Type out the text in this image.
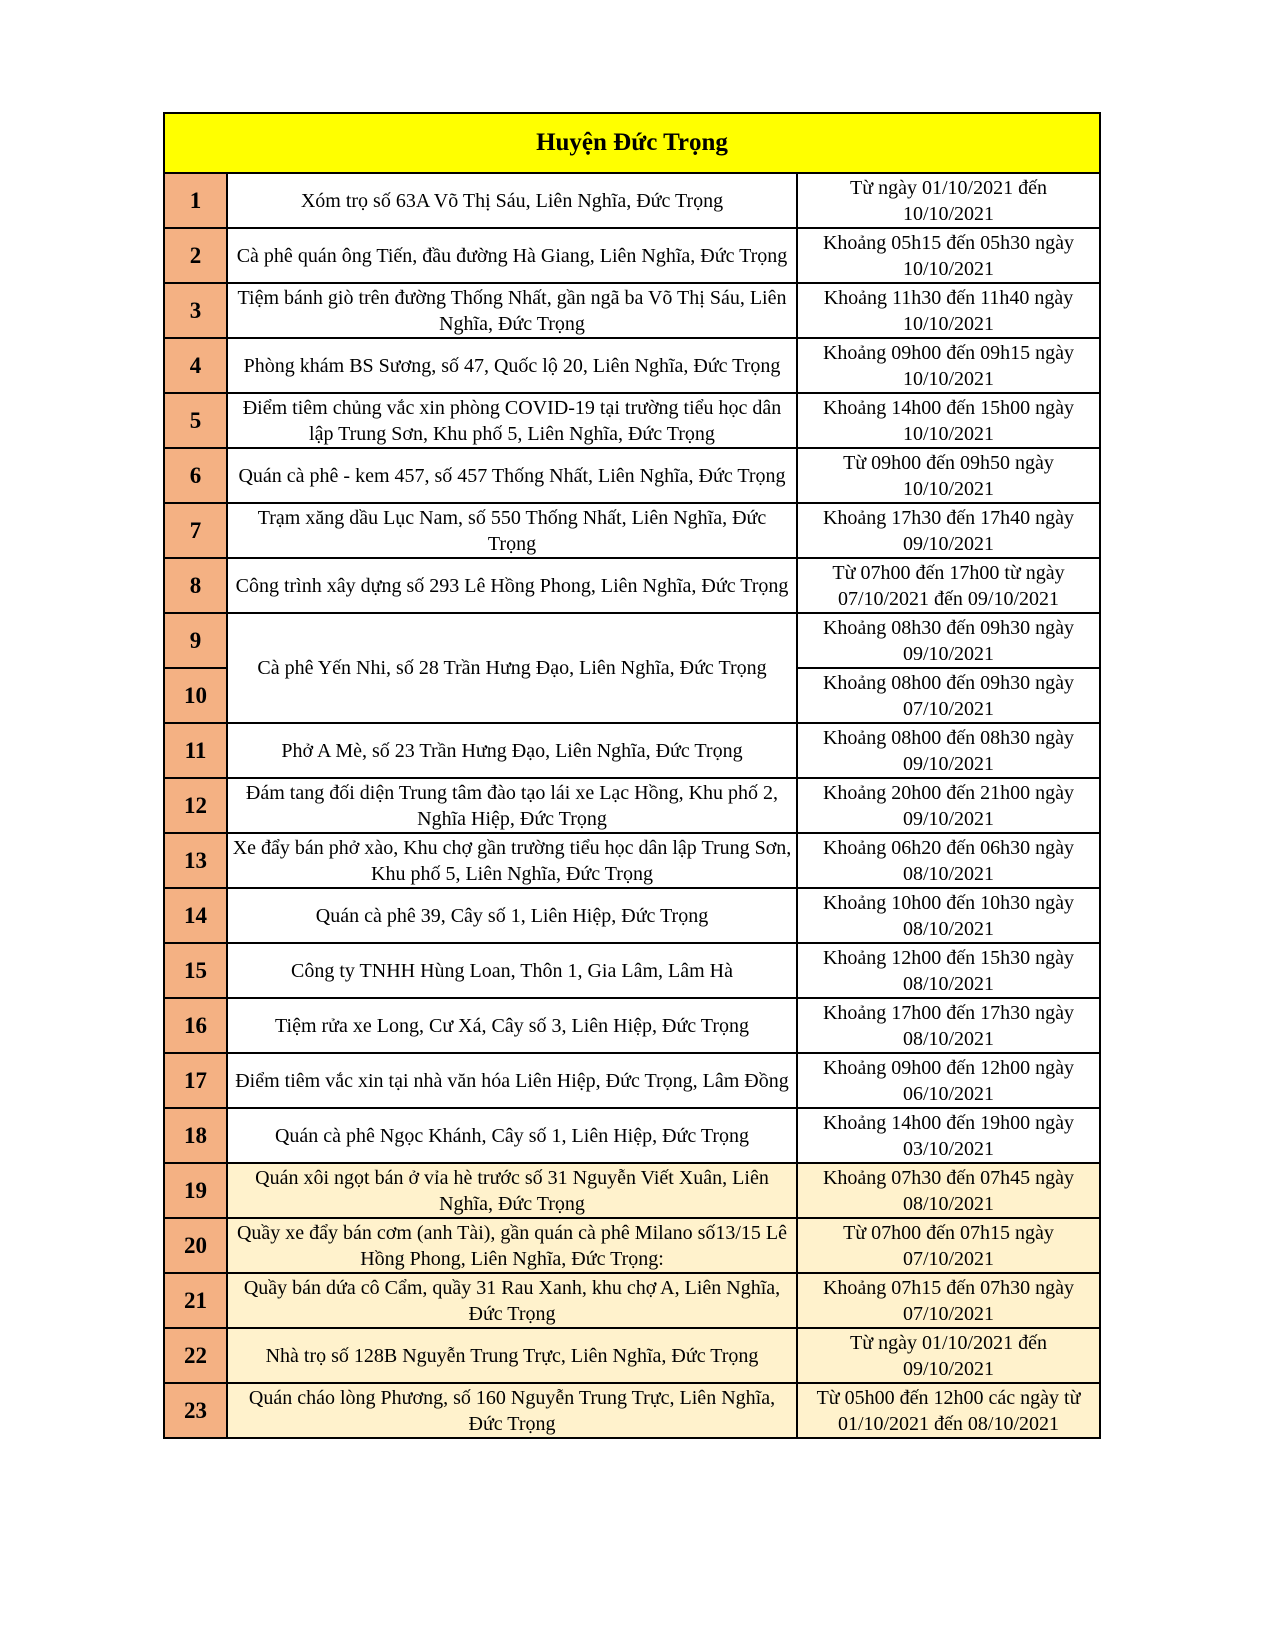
Huyện Đức Trọng		
1	Xóm trọ số 63A Võ Thị Sáu, Liên Nghĩa, Đức Trọng	Từ ngày 01/10/2021 đến 10/10/2021
2	Cà phê quán ông Tiến, đầu đường Hà Giang, Liên Nghĩa, Đức Trọng	Khoảng 05h15 đến 05h30 ngày 10/10/2021
3	Tiệm bánh giò trên đường Thống Nhất, gần ngã ba Võ Thị Sáu, Liên Nghĩa, Đức Trọng	Khoảng 11h30 đến 11h40 ngày 10/10/2021
4	Phòng khám BS Sương, số 47, Quốc lộ 20, Liên Nghĩa, Đức Trọng	Khoảng 09h00 đến 09h15 ngày 10/10/2021
5	Điểm tiêm chủng vắc xin phòng COVID-19 tại trường tiểu học dân lập Trung Sơn, Khu phố 5, Liên Nghĩa, Đức Trọng	Khoảng 14h00 đến 15h00 ngày 10/10/2021
6	Quán cà phê - kem 457, số 457 Thống Nhất, Liên Nghĩa, Đức Trọng	Từ 09h00 đến 09h50 ngày 10/10/2021
7	Trạm xăng dầu Lục Nam, số 550 Thống Nhất, Liên Nghĩa, Đức Trọng	Khoảng 17h30 đến 17h40 ngày 09/10/2021
8	Công trình xây dựng số 293 Lê Hồng Phong, Liên Nghĩa, Đức Trọng	Từ 07h00 đến 17h00 từ ngày 07/10/2021 đến 09/10/2021
9	Cà phê Yến Nhi, số 28 Trần Hưng Đạo, Liên Nghĩa, Đức Trọng	Khoảng 08h30 đến 09h30 ngày 09/10/2021
10		Khoảng 08h00 đến 09h30 ngày 07/10/2021
11	Phở A Mè, số 23 Trần Hưng Đạo, Liên Nghĩa, Đức Trọng	Khoảng 08h00 đến 08h30 ngày 09/10/2021
12	Đám tang đối diện Trung tâm đào tạo lái xe Lạc Hồng, Khu phố 2, Nghĩa Hiệp, Đức Trọng	Khoảng 20h00 đến 21h00 ngày 09/10/2021
13	Xe đẩy bán phở xào, Khu chợ gần trường tiểu học dân lập Trung Sơn, Khu phố 5, Liên Nghĩa, Đức Trọng	Khoảng 06h20 đến 06h30 ngày 08/10/2021
14	Quán cà phê 39, Cây số 1, Liên Hiệp, Đức Trọng	Khoảng 10h00 đến 10h30 ngày 08/10/2021
15	Công ty TNHH Hùng Loan, Thôn 1, Gia Lâm, Lâm Hà	Khoảng 12h00 đến 15h30 ngày 08/10/2021
16	Tiệm rửa xe Long, Cư Xá, Cây số 3, Liên Hiệp, Đức Trọng	Khoảng 17h00 đến 17h30 ngày 08/10/2021
17	Điểm tiêm vắc xin tại nhà văn hóa Liên Hiệp, Đức Trọng, Lâm Đồng	Khoảng 09h00 đến 12h00 ngày 06/10/2021
18	Quán cà phê Ngọc Khánh, Cây số 1, Liên Hiệp, Đức Trọng	Khoảng 14h00 đến 19h00 ngày 03/10/2021
19	Quán xôi ngọt bán ở vỉa hè trước số 31 Nguyễn Viết Xuân, Liên Nghĩa, Đức Trọng	Khoảng 07h30 đến 07h45 ngày 08/10/2021
20	Quầy xe đẩy bán cơm (anh Tài), gần quán cà phê Milano số13/15 Lê Hồng Phong, Liên Nghĩa, Đức Trọng:	Từ 07h00 đến 07h15 ngày 07/10/2021
21	Quầy bán dứa cô Cẩm, quầy 31 Rau Xanh, khu chợ A, Liên Nghĩa, Đức Trọng	Khoảng 07h15 đến 07h30 ngày 07/10/2021
22	Nhà trọ số 128B Nguyễn Trung Trực, Liên Nghĩa, Đức Trọng	Từ ngày 01/10/2021 đến 09/10/2021
23	Quán cháo lòng Phương, số 160 Nguyễn Trung Trực, Liên Nghĩa, Đức Trọng	Từ 05h00 đến 12h00 các ngày từ 01/10/2021 đến 08/10/2021
